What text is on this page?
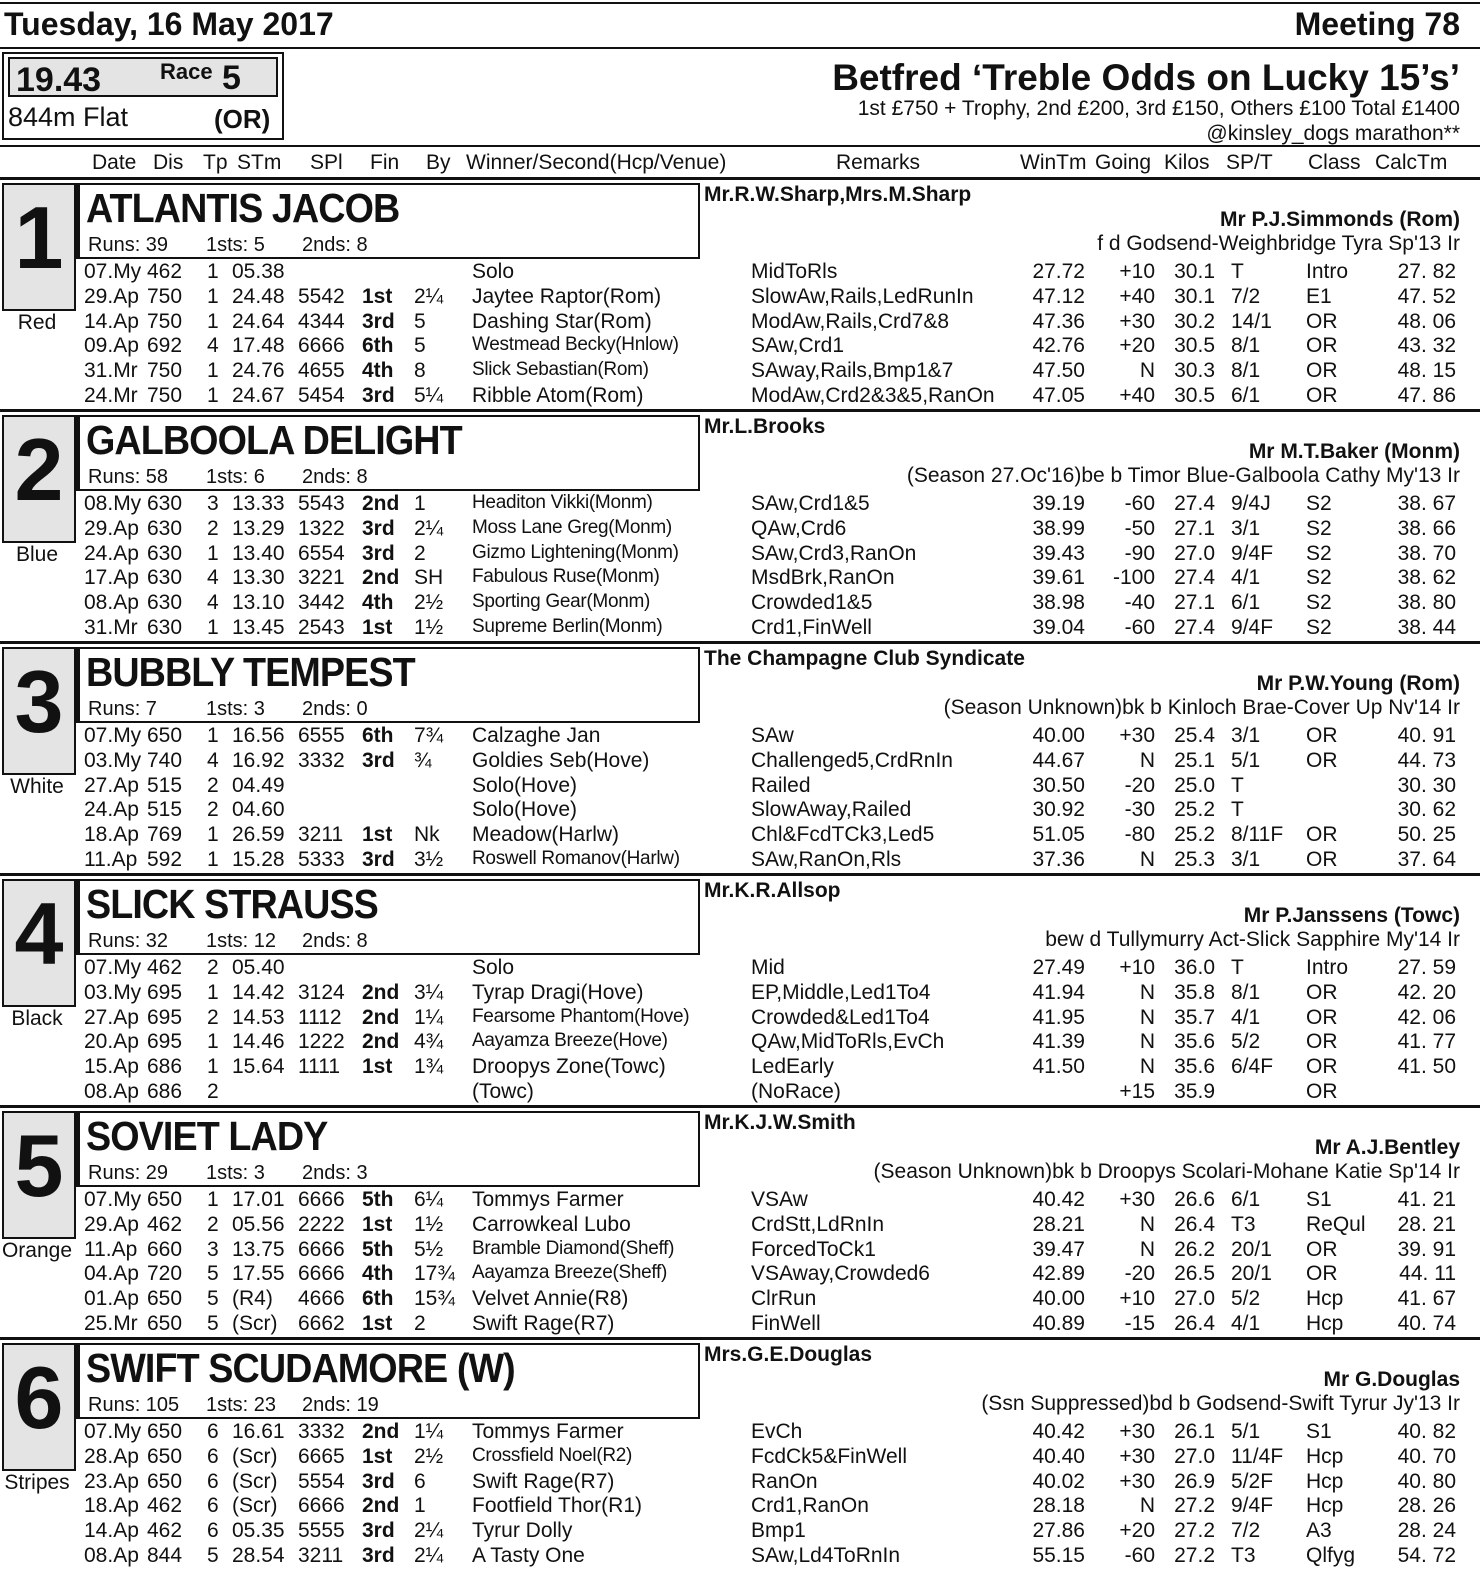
Tuesday, 16 May 2017	Meeting 78
19.43	Race 5
844m Flat	(OR)
Betfred ‘Treble Odds on Lucky 15’s’
1st £750 + Trophy, 2nd £200, 3rd £150, Others £100 Total £1400
@kinsley_dogs marathon**
Date Dis Tp STm SPl Fin By Winner/Second(Hcp/Venue)	Remarks	WinTm Going Kilos SP/T Class CalcTm
1
Red
ATLANTIS JACOB
Runs: 39 1sts: 5 2nds: 8
Mr.R.W.Sharp,Mrs.M.Sharp
Mr P.J.Simmonds (Rom)
f d Godsend-Weighbridge Tyra Sp'13 Ir
07.My 462 1 05.38	Solo	MidToRls	27.72 +10 30.1 T	Intro 27. 82
29.Ap 750 1 24.48 5542 1st 2¼ Jaytee Raptor(Rom)	SlowAw,Rails,LedRunIn	47.12 +40 30.1 7/2 E1	47. 52
14.Ap 750 1 24.64 4344 3rd 5 Dashing Star(Rom)	ModAw,Rails,Crd7&8	47.36 +30 30.2 14/1 OR	48. 06
09.Ap 692 4 17.48 6666 6th 5 Westmead Becky(Hnlow)	SAw,Crd1	42.76 +20 30.5 8/1 OR	43. 32
31.Mr 750 1 24.76 4655 4th 8 Slick Sebastian(Rom)	SAway,Rails,Bmp1&7	47.50	N 30.3 8/1 OR	48. 15
24.Mr 750 1 24.67 5454 3rd 5¼ Ribble Atom(Rom)	ModAw,Crd2&3&5,RanOn 47.05 +40 30.5 6/1 OR	47. 86
2
Blue
GALBOOLA DELIGHT
Runs: 58 1sts: 6 2nds: 8
Mr.L.Brooks
Mr M.T.Baker (Monm)
(Season 27.Oc'16)be b Timor Blue-Galboola Cathy My'13 Ir
08.My 630 3 13.33 5543 2nd 1 Headiton Vikki(Monm)	SAw,Crd1&5	39.19 -60 27.4 9/4J S2	38. 67
29.Ap 630 2 13.29 1322 3rd 2¼ Moss Lane Greg(Monm)	QAw,Crd6	38.99 -50 27.1 3/1 S2	38. 66
24.Ap 630 1 13.40 6554 3rd 2 Gizmo Lightening(Monm)	SAw,Crd3,RanOn	39.43 -90 27.0 9/4F S2	38. 70
17.Ap 630 4 13.30 3221 2nd SH Fabulous Ruse(Monm)	MsdBrk,RanOn	39.61 -100 27.4 4/1 S2	38. 62
08.Ap 630 4 13.10 3442 4th 2½ Sporting Gear(Monm)	Crowded1&5	38.98 -40 27.1 6/1 S2	38. 80
31.Mr 630 1 13.45 2543 1st 1½ Supreme Berlin(Monm)	Crd1,FinWell	39.04 -60 27.4 9/4F S2	38. 44
3
White
BUBBLY TEMPEST
Runs: 7 1sts: 3 2nds: 0
The Champagne Club Syndicate
Mr P.W.Young (Rom)
(Season Unknown)bk b Kinloch Brae-Cover Up Nv'14 Ir
07.My 650 1 16.56 6555 6th 7¾ Calzaghe Jan	SAw	40.00 +30 25.4 3/1 OR	40. 91
03.My 740 4 16.92 3332 3rd ¾ Goldies Seb(Hove)	Challenged5,CrdRnIn	44.67	N 25.1 5/1 OR	44. 73
27.Ap 515 2 04.49	Solo(Hove)	Railed	30.50 -20 25.0 T	30. 30
24.Ap 515 2 04.60	Solo(Hove)	SlowAway,Railed	30.92 -30 25.2 T	30. 62
18.Ap 769 1 26.59 3211 1st Nk Meadow(Harlw)	Chl&FcdTCk3,Led5	51.05 -80 25.2 8/11F OR	50. 25
11.Ap 592 1 15.28 5333 3rd 3½ Roswell Romanov(Harlw)	SAw,RanOn,Rls	37.36	N 25.3 3/1 OR	37. 64
4
Black
SLICK STRAUSS
Runs: 32 1sts: 12 2nds: 8
Mr.K.R.Allsop
Mr P.Janssens (Towc)
bew d Tullymurry Act-Slick Sapphire My'14 Ir
07.My 462 2 05.40	Solo	Mid	27.49 +10 36.0 T	Intro 27. 59
03.My 695 1 14.42 3124 2nd 3¼ Tyrap Dragi(Hove)	EP,Middle,Led1To4	41.94	N 35.8 8/1 OR	42. 20
27.Ap 695 2 14.53 1112 2nd 1¼ Fearsome Phantom(Hove)	Crowded&Led1To4	41.95	N 35.7 4/1 OR	42. 06
20.Ap 695 1 14.46 1222 2nd 4¾ Aayamza Breeze(Hove)	QAw,MidToRls,EvCh	41.39	N 35.6 5/2 OR	41. 77
15.Ap 686 1 15.64 1111 1st 1¾ Droopys Zone(Towc)	LedEarly	41.50	N 35.6 6/4F OR	41. 50
08.Ap 686 2	(Towc)	(NoRace)	+15 35.9	OR
5
Orange
SOVIET LADY
Runs: 29 1sts: 3 2nds: 3
Mr.K.J.W.Smith
Mr A.J.Bentley
(Season Unknown)bk b Droopys Scolari-Mohane Katie Sp'14 Ir
07.My 650 1 17.01 6666 5th 6¼ Tommys Farmer	VSAw	40.42 +30 26.6 6/1 S1	41. 21
29.Ap 462 2 05.56 2222 1st 1½ Carrowkeal Lubo	CrdStt,LdRnIn	28.21	N 26.4 T3 ReQul 28. 21
11.Ap 660 3 13.75 6666 5th 5½ Bramble Diamond(Sheff)	ForcedToCk1	39.47	N 26.2 20/1 OR	39. 91
04.Ap 720 5 17.55 6666 4th 17¾ Aayamza Breeze(Sheff)	VSAway,Crowded6	42.89 -20 26.5 20/1 OR	44. 11
01.Ap 650 5 (R4) 4666 6th 15¾ Velvet Annie(R8)	ClrRun	40.00 +10 27.0 5/2 Hcp	41. 67
25.Mr 650 5 (Scr) 6662 1st 2 Swift Rage(R7)	FinWell	40.89 -15 26.4 4/1 Hcp	40. 74
6
Stripes
SWIFT SCUDAMORE (W)
Runs: 105 1sts: 23 2nds: 19
Mrs.G.E.Douglas
Mr G.Douglas
(Ssn Suppressed)bd b Godsend-Swift Tyrur Jy'13 Ir
07.My 650 6 16.61 3332 2nd 1¼ Tommys Farmer	EvCh	40.42 +30 26.1 5/1 S1	40. 82
28.Ap 650 6 (Scr) 6665 1st 2½ Crossfield Noel(R2)	FcdCk5&FinWell	40.40 +30 27.0 11/4F Hcp	40. 70
23.Ap 650 6 (Scr) 5554 3rd 6 Swift Rage(R7)	RanOn	40.02 +30 26.9 5/2F Hcp	40. 80
18.Ap 462 6 (Scr) 6666 2nd 1 Footfield Thor(R1)	Crd1,RanOn	28.18	N 27.2 9/4F Hcp	28. 26
14.Ap 462 6 05.35 5555 3rd 2¼ Tyrur Dolly	Bmp1	27.86 +20 27.2 7/2 A3	28. 24
08.Ap 844 5 28.54 3211 3rd 2¼ A Tasty One	SAw,Ld4ToRnIn	55.15 -60 27.2 T3 Qlfyg 54. 72
